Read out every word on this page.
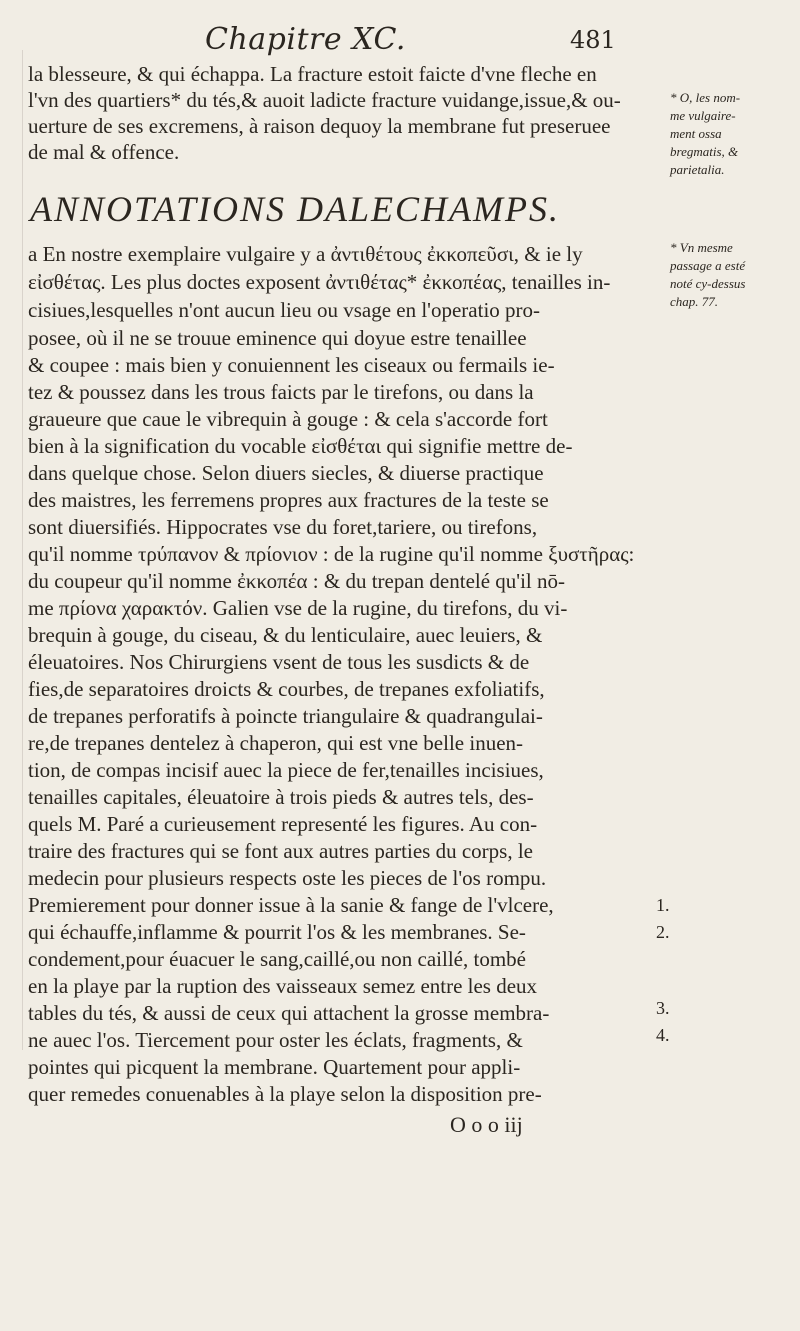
Chapitre XC.	481
la blesseure, & qui échappa. La fracture estoit faicte d'vne fleche en
l'vn des quartiers* du tés,& auoit ladicte fracture vuidange,issue,& ou-
uerture de ses excremens, à raison dequoy la membrane fut preseruee
de mal & offence.
ANNOTATIONS DALECHAMPS.
a En nostre exemplaire vulgaire y a ἀντιθέτους ἐκκοπεῦσι, & ie ly
εἰσθέτας. Les plus doctes exposent ἀντιθέτας* ἐκκοπέας, tenailles in-
cisiues,lesquelles n'ont aucun lieu ou vsage en l'operatio pro-
posee, où il ne se trouue eminence qui doyue estre tenaillee
& coupee : mais bien y conuiennent les ciseaux ou fermails ie-
tez & poussez dans les trous faicts par le tirefons, ou dans la
graueure que caue le vibrequin à gouge : & cela s'accorde fort
bien à la signification du vocable εἰσθέται qui signifie mettre de-
dans quelque chose. Selon diuers siecles, & diuerse practique
des maistres, les ferremens propres aux fractures de la teste se
sont diuersifiés. Hippocrates vse du foret,tariere, ou tirefons,
qu'il nomme τρύπανον & πρίονιον : de la rugine qu'il nomme ξυστῆρας:
du coupeur qu'il nomme ἐκκοπέα : & du trepan dentelé qu'il nō-
me πρίονα χαρακτόν. Galien vse de la rugine, du tirefons, du vi-
brequin à gouge, du ciseau, & du lenticulaire, auec leuiers, &
éleuatoires. Nos Chirurgiens vsent de tous les susdicts & de
fies,de separatoires droicts & courbes, de trepanes exfoliatifs,
de trepanes perforatifs à poincte triangulaire & quadrangulai-
re,de trepanes dentelez à chaperon, qui est vne belle inuen-
tion, de compas incisif auec la piece de fer,tenailles incisiues,
tenailles capitales, éleuatoire à trois pieds & autres tels, des-
quels M. Paré a curieusement representé les figures. Au con-
traire des fractures qui se font aux autres parties du corps, le
medecin pour plusieurs respects oste les pieces de l'os rompu.
Premierement pour donner issue à la sanie & fange de l'vlcere,
qui échauffe,inflamme & pourrit l'os & les membranes. Se-
condement,pour éuacuer le sang,caillé,ou non caillé, tombé
en la playe par la ruption des vaisseaux semez entre les deux
tables du tés, & aussi de ceux qui attachent la grosse membra-
ne auec l'os. Tiercement pour oster les éclats, fragments, &
pointes qui picquent la membrane. Quartement pour appli-
quer remedes conuenables à la playe selon la disposition pre-
* O, les nom-
me vulgaire-
ment ossa
bregmatis, &
parietalia.
* Vn mesme
passage a esté
noté cy-dessus
chap. 77.
1.
2.
3.
4.
O o o iij
